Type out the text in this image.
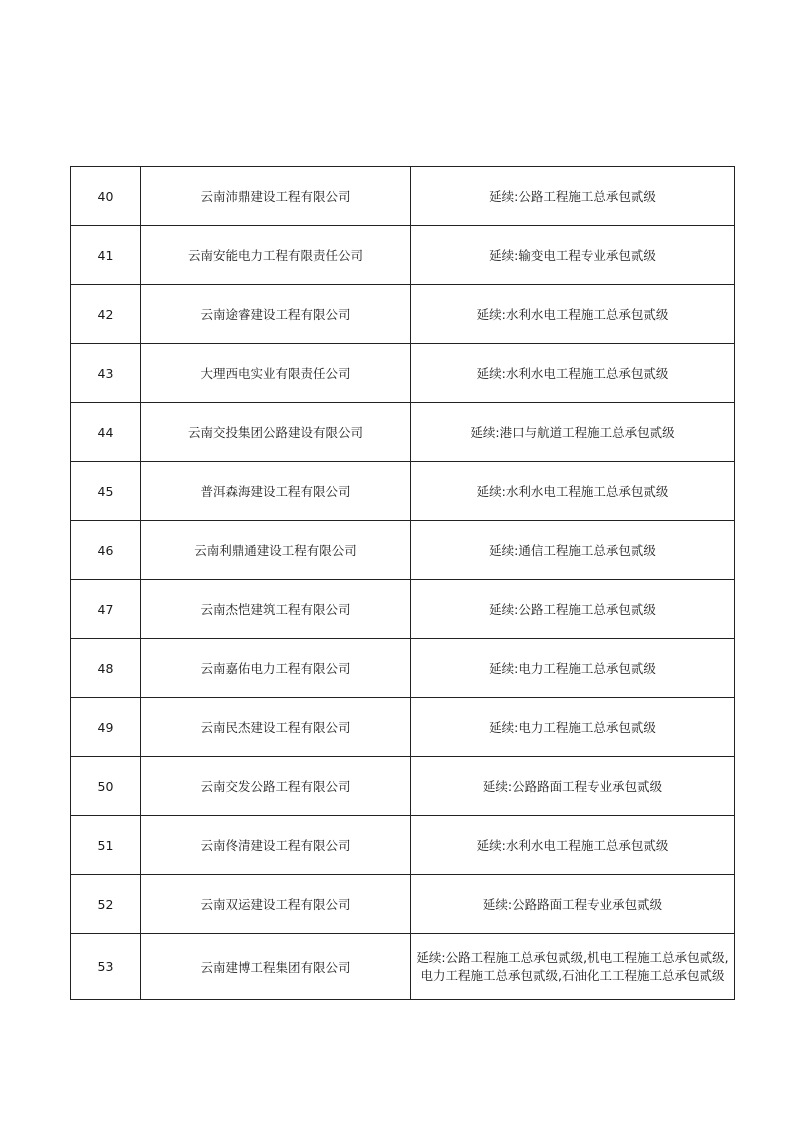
40	云南沛鼎建设工程有限公司	延续:公路工程施工总承包贰级
41	云南安能电力工程有限责任公司	延续:输变电工程专业承包贰级
42	云南途睿建设工程有限公司	延续:水利水电工程施工总承包贰级
43	大理西电实业有限责任公司	延续:水利水电工程施工总承包贰级
44	云南交投集团公路建设有限公司	延续:港口与航道工程施工总承包贰级
45	普洱森海建设工程有限公司	延续:水利水电工程施工总承包贰级
46	云南利鼎通建设工程有限公司	延续:通信工程施工总承包贰级
47	云南杰恺建筑工程有限公司	延续:公路工程施工总承包贰级
48	云南嘉佑电力工程有限公司	延续:电力工程施工总承包贰级
49	云南民杰建设工程有限公司	延续:电力工程施工总承包贰级
50	云南交发公路工程有限公司	延续:公路路面工程专业承包贰级
51	云南佟清建设工程有限公司	延续:水利水电工程施工总承包贰级
52	云南双运建设工程有限公司	延续:公路路面工程专业承包贰级
53	云南建博工程集团有限公司	延续:公路工程施工总承包贰级,机电工程施工总承包贰级,电力工程施工总承包贰级,石油化工工程施工总承包贰级
